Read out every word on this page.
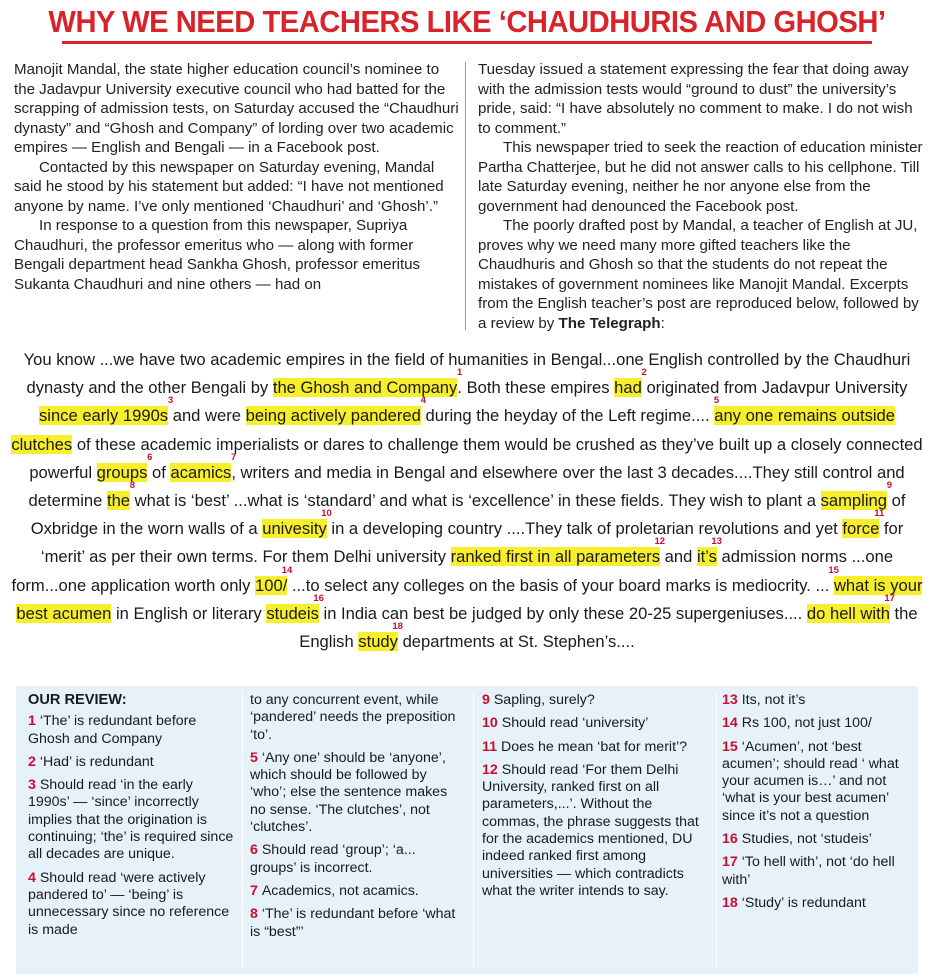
WHY WE NEED TEACHERS LIKE ‘CHAUDHURIS AND GHOSH’

Manojit Mandal, the state higher education council’s nominee to the Jadavpur University executive council who had batted for the scrapping of admission tests, on Saturday accused the “Chaudhuri dynasty” and “Ghosh and Company” of lording over two academic empires — English and Bengali — in a Facebook post.

Contacted by this newspaper on Saturday evening, Mandal said he stood by his statement but added: “I have not mentioned anyone by name. I’ve only mentioned ‘Chaudhuri’ and ‘Ghosh’.”

In response to a question from this newspaper, Supriya Chaudhuri, the professor emeritus who — along with former Bengali department head Sankha Ghosh, professor emeritus Sukanta Chaudhuri and nine others — had on

Tuesday issued a statement expressing the fear that doing away with the admission tests would “ground to dust” the university’s pride, said: “I have absolutely no comment to make. I do not wish to comment.”

This newspaper tried to seek the reaction of education minister Partha Chatterjee, but he did not answer calls to his cellphone. Till late Saturday evening, neither he nor anyone else from the government had denounced the Facebook post.

The poorly drafted post by Mandal, a teacher of English at JU, proves why we need many more gifted teachers like the Chaudhuris and Ghosh so that the students do not repeat the mistakes of government nominees like Manojit Mandal. Excerpts from the English teacher’s post are reproduced below, followed by a review by The Telegraph:

You know ...we have two academic empires in the field of humanities in Bengal...one English controlled by the Chaudhuri dynasty and the other Bengali by the Ghosh and Company
1
. Both these empires had
2
originated from Jadavpur University since early 1990s
3
and were being actively pandered
4
during the heyday of the Left regime.... any one remains outside clutches
5
of these academic imperialists or dares to challenge them would be crushed as they’ve built up a closely connected powerful groups
6
of acamics
7
, writers and media in Bengal and elsewhere over the last 3 decades....They still control and determine the
8
what is ‘best’ ...what is ‘standard’ and what is ‘excellence’ in these fields. They wish to plant a sampling
9
of Oxbridge in the worn walls of a univesity
10
in a developing country ....They talk of proletarian revolutions and yet force
11
for ‘merit’ as per their own terms. For them Delhi university ranked first in all parameters
12
and it’s
13
admission norms ...one form...one application worth only 100/
14
...to select any colleges on the basis of your board marks is mediocrity. ... what is your best acumen
15
in English or literary studeis
16
in India can best be judged by only these 20-25 supergeniuses.... do hell with
17
the English study
18
departments at St. Stephen’s....
OUR REVIEW:
1 ‘The’ is redundant before Ghosh and Company
2 ‘Had’ is redundant
3 Should read ‘in the early 1990s’ — ‘since’ incorrectly implies that the origination is continuing; ‘the’ is required since all decades are unique.
4 Should read ‘were actively pandered to’ — ‘being’ is unnecessary since no reference is made
to any concurrent event, while ‘pandered’ needs the preposition ‘to’.
5 ‘Any one’ should be ‘anyone’, which should be followed by ‘who’; else the sentence makes no sense. ‘The clutches’, not ‘clutches’.
6 Should read ‘group’; ‘a... groups’ is incorrect.
7 Academics, not acamics.
8 ‘The’ is redundant before ‘what is “best”’
9 Sapling, surely?
10 Should read ‘university’
11 Does he mean ‘bat for merit’?
12 Should read ‘For them Delhi University, ranked first on all parameters,...’. Without the commas, the phrase suggests that for the academics mentioned, DU indeed ranked first among universities — which contradicts what the writer intends to say.
13 Its, not it’s
14 Rs 100, not just 100/
15 ‘Acumen’, not ‘best acumen’; should read ‘ what your acumen is…’ and not ‘what is your best acumen’ since it’s not a question
16 Studies, not ‘studeis’
17 ‘To hell with’, not ‘do hell with’
18 ‘Study’ is redundant
